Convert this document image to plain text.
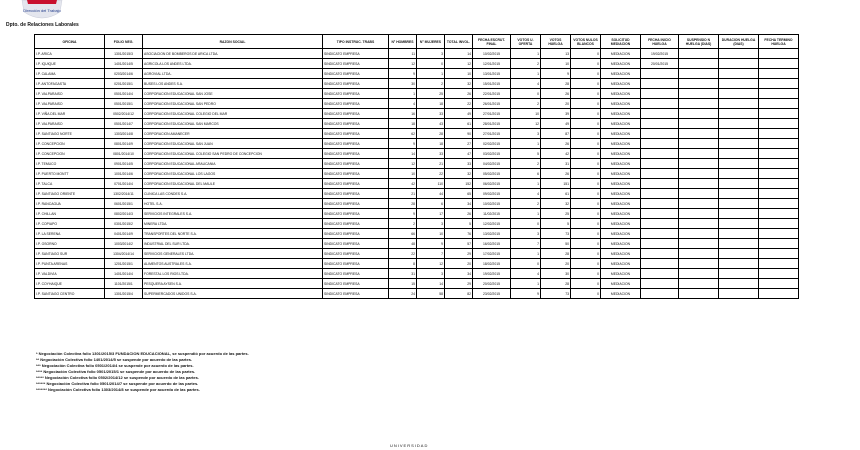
Dirección del Trabajo
Dpto. de Relaciones Laborales
OFICINA	FOLIO NEG.	RAZON SOCIAL	TIPO INSTRUC. TRABS	N° HOMBRES	N° MUJERES	TOTAL INVOL.	FECHA ESCRUT. FINAL	VOTOS U. OFERTA	VOTOS HUELGA	VOTOS NULOS BLANCOS	SOLICITUD MEDIACION	FECHA INICIO HUELGA	SUSPENSIO N HUELGA (DIAS)	DURACION HUELGA (DIAS)	FECHA TERMINO HUELGA
I.P. ARICA	1301/2015/3	ASOCIACION DE BOMBEROS DE ARICA LTDA.	SINDICATO EMPRESA	11	3	14	10/02/2015	1	13	0	MEDIACION	19/02/2015			
I.P. IQUIQUE	1401/2014/5	AGRICOLA LOS ANDES LTDA.	SINDICATO EMPRESA	12	0	12	12/01/2015	2	10	0	MEDIACION	20/01/2015			
I.P. CALAMA	0203/2014/6	AGROVIAL LTDA.	SINDICATO EMPRESA	9	1	10	13/01/2015	1	9	0	MEDIACION				
I.P. ANTOFAGASTA	0201/2015/1	BUSES LOS ANDES S.A.	SINDICATO EMPRESA	30	2	32	15/01/2015	4	28	0	MEDIACION				
I.P. VALPARAISO	0501/2014/4	CORPORACION EDUCACIONAL SAN JOSE	SINDICATO EMPRESA	1	25	26	22/01/2015	0	26	0	MEDIACION				
I.P. VALPARAISO	0501/2015/1	CORPORACION EDUCACIONAL SAN PEDRO	SINDICATO EMPRESA	4	18	22	26/01/2015	2	20	0	MEDIACION				
I.P. VIÑA DEL MAR	0502/2014/12	CORPORACION EDUCACIONAL COLEGIO DEL MAR	SINDICATO EMPRESA	16	33	49	27/01/2015	10	39	0	MEDIACION				
I.P. VALPARAISO	0501/2014/7	CORPORACION EDUCACIONAL SAN MARCOS	SINDICATO EMPRESA	18	43	61	28/01/2015	12	49	0	MEDIACION				
I.P. SANTIAGO NORTE	1303/2014/8	CORPORACION AMANECER	SINDICATO EMPRESA	62	28	90	27/01/2015	3	87	0	MEDIACION				
I.P. CONCEPCION	0801/2014/9	CORPORACION EDUCACIONAL SAN JUAN	SINDICATO EMPRESA	9	18	27	02/02/2015	1	26	0	MEDIACION				
I.P. CONCEPCION	0801/2014/10	CORPORACION EDUCACIONAL COLEGIO SAN PEDRO DE CONCEPCION	SINDICATO EMPRESA	14	33	47	03/02/2015	5	42	0	MEDIACION				
I.P. TEMUCO	0901/2014/5	CORPORACION EDUCACIONAL ARAUCANIA	SINDICATO EMPRESA	12	21	33	04/02/2015	2	31	0	MEDIACION				
I.P. PUERTO MONTT	1001/2014/6	CORPORACION EDUCACIONAL LOS LAGOS	SINDICATO EMPRESA	10	22	32	05/02/2015	6	26	0	MEDIACION				
I.P. TALCA	0701/2014/4	CORPORACION EDUCACIONAL DEL MAULE	SINDICATO EMPRESA	42	110	152	06/02/2015	1	151	0	MEDIACION				
I.P. SANTIAGO ORIENTE	1302/2014/11	CLINICA LAS CONDES S.A.	SINDICATO EMPRESA	21	44	65	09/02/2015	4	61	0	MEDIACION				
I.P. RANCAGUA	0601/2015/1	HOTEL S.A.	SINDICATO EMPRESA	28	6	34	10/02/2015	2	32	0	MEDIACION				
I.P. CHILLAN	0802/2014/3	SERVICIOS INTEGRALES S.A.	SINDICATO EMPRESA	9	17	26	11/02/2015	1	25	0	MEDIACION				
I.P. COPIAPO	0301/2015/2	MINERA LTDA.	SINDICATO EMPRESA	2	3	5	12/02/2015	0	5	0	MEDIACION				
I.P. LA SERENA	0401/2014/9	TRANSPORTES DEL NORTE S.A.	SINDICATO EMPRESA	66	10	76	13/02/2015	3	73	0	MEDIACION				
I.P. OSORNO	1003/2014/2	INDUSTRIAL DEL SUR LTDA.	SINDICATO EMPRESA	48	9	57	16/02/2015	7	50	0	MEDIACION				
I.P. SANTIAGO SUR	1304/2014/14	SERVICIOS GENERALES LTDA.	SINDICATO EMPRESA	22	7	29	17/02/2015	1	28	0	MEDIACION				
I.P. PUNTA ARENAS	1201/2015/1	ALIMENTOS AUSTRALES S.A.	SINDICATO EMPRESA	8	12	20	18/02/2015	0	20	0	MEDIACION				
I.P. VALDIVIA	1401/2014/4	FORESTAL LOS RIOS LTDA.	SINDICATO EMPRESA	31	3	34	19/02/2015	4	30	0	MEDIACION				
I.P. COYHAIQUE	1101/2015/1	PESQUERA AYSEN S.A.	SINDICATO EMPRESA	15	14	29	20/02/2015	1	28	0	MEDIACION				
I.P. SANTIAGO CENTRO	1301/2015/4	SUPERMERCADOS UNIDOS S.A.	SINDICATO EMPRESA	24	58	82	23/02/2015	9	73	0	MEDIACION				
* Negociación Colectiva folio 1301/2015/3 FUNDACION EDUCACIONAL, se suspendió por acuerdo de las partes.
** Negociación Colectiva folio 1401/2014/5 se suspende por acuerdo de las partes.
*** Negociación Colectiva folio 0501/2014/4 se suspende por acuerdo de las partes.
**** Negociación Colectiva folio 0501/2015/1 se suspende por acuerdo de las partes.
***** Negociación Colectiva folio 0502/2014/12 se suspende por acuerdo de las partes.
****** Negociación Colectiva folio 0501/2014/7 se suspende por acuerdo de las partes.
******* Negociación Colectiva folio 1303/2014/8 se suspende por acuerdo de las partes.
UNIVERSIDAD
